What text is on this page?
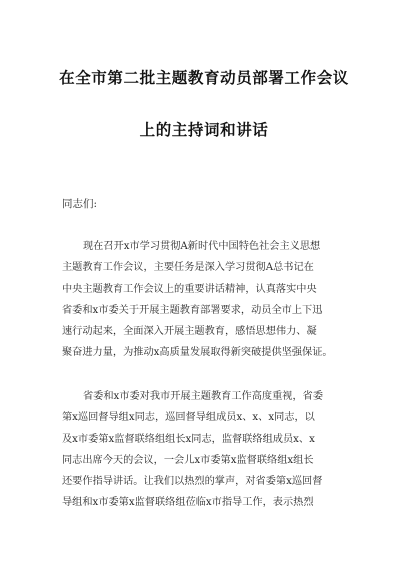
在全市第二批主题教育动员部署工作会议
上的主持词和讲话
同志们:
现在召开x市学习贯彻A新时代中国特色社会主义思想
主题教育工作会议，主要任务是深入学习贯彻A总书记在
中央主题教育工作会议上的重要讲话精神，认真落实中央
省委和x市委关于开展主题教育部署要求，动员全市上下迅
速行动起来，全面深入开展主题教育，感悟思想伟力、凝
聚奋进力量，为推动x高质量发展取得新突破提供坚强保证。
省委和x市委对我市开展主题教育工作高度重视，省委
第x巡回督导组x同志，巡回督导组成员x、x、x同志，以
及x市委第x监督联络组组长x同志，监督联络组成员x、x
同志出席今天的会议，一会儿x市委第x监督联络组x组长
还要作指导讲话。让我们以热烈的掌声，对省委第x巡回督
导组和x市委第x监督联络组莅临x市指导工作，表示热烈
